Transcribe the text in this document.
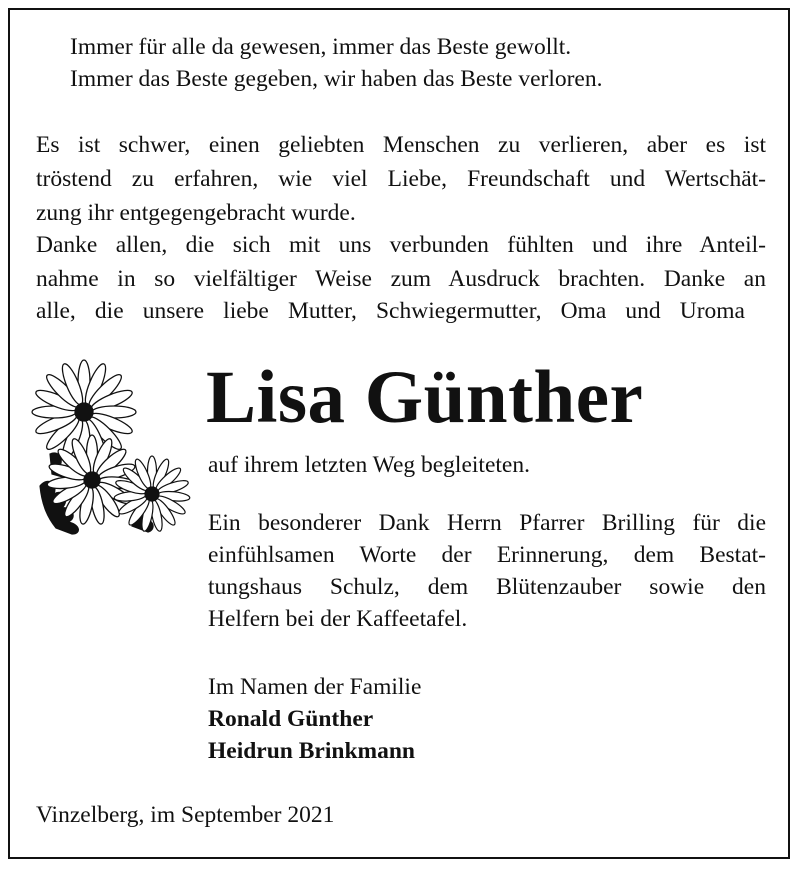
Immer für alle da gewesen, immer das Beste gewollt.
Immer das Beste gegeben, wir haben das Beste verloren.
Es ist schwer, einen geliebten Menschen zu verlieren, aber es ist
tröstend zu erfahren, wie viel Liebe, Freundschaft und Wertschät-
zung ihr entgegengebracht wurde.
Danke allen, die sich mit uns verbunden fühlten und ihre Anteil-
nahme in so vielfältiger Weise zum Ausdruck brachten. Danke an
alle, die unsere liebe Mutter, Schwiegermutter, Oma und Uroma
Lisa Günther
auf ihrem letzten Weg begleiteten.
Ein besonderer Dank Herrn Pfarrer Brilling für die
einfühlsamen Worte der Erinnerung, dem Bestat-
tungshaus Schulz, dem Blütenzauber sowie den
Helfern bei der Kaffeetafel.
Im Namen der Familie
Ronald Günther
Heidrun Brinkmann
Vinzelberg, im September 2021
